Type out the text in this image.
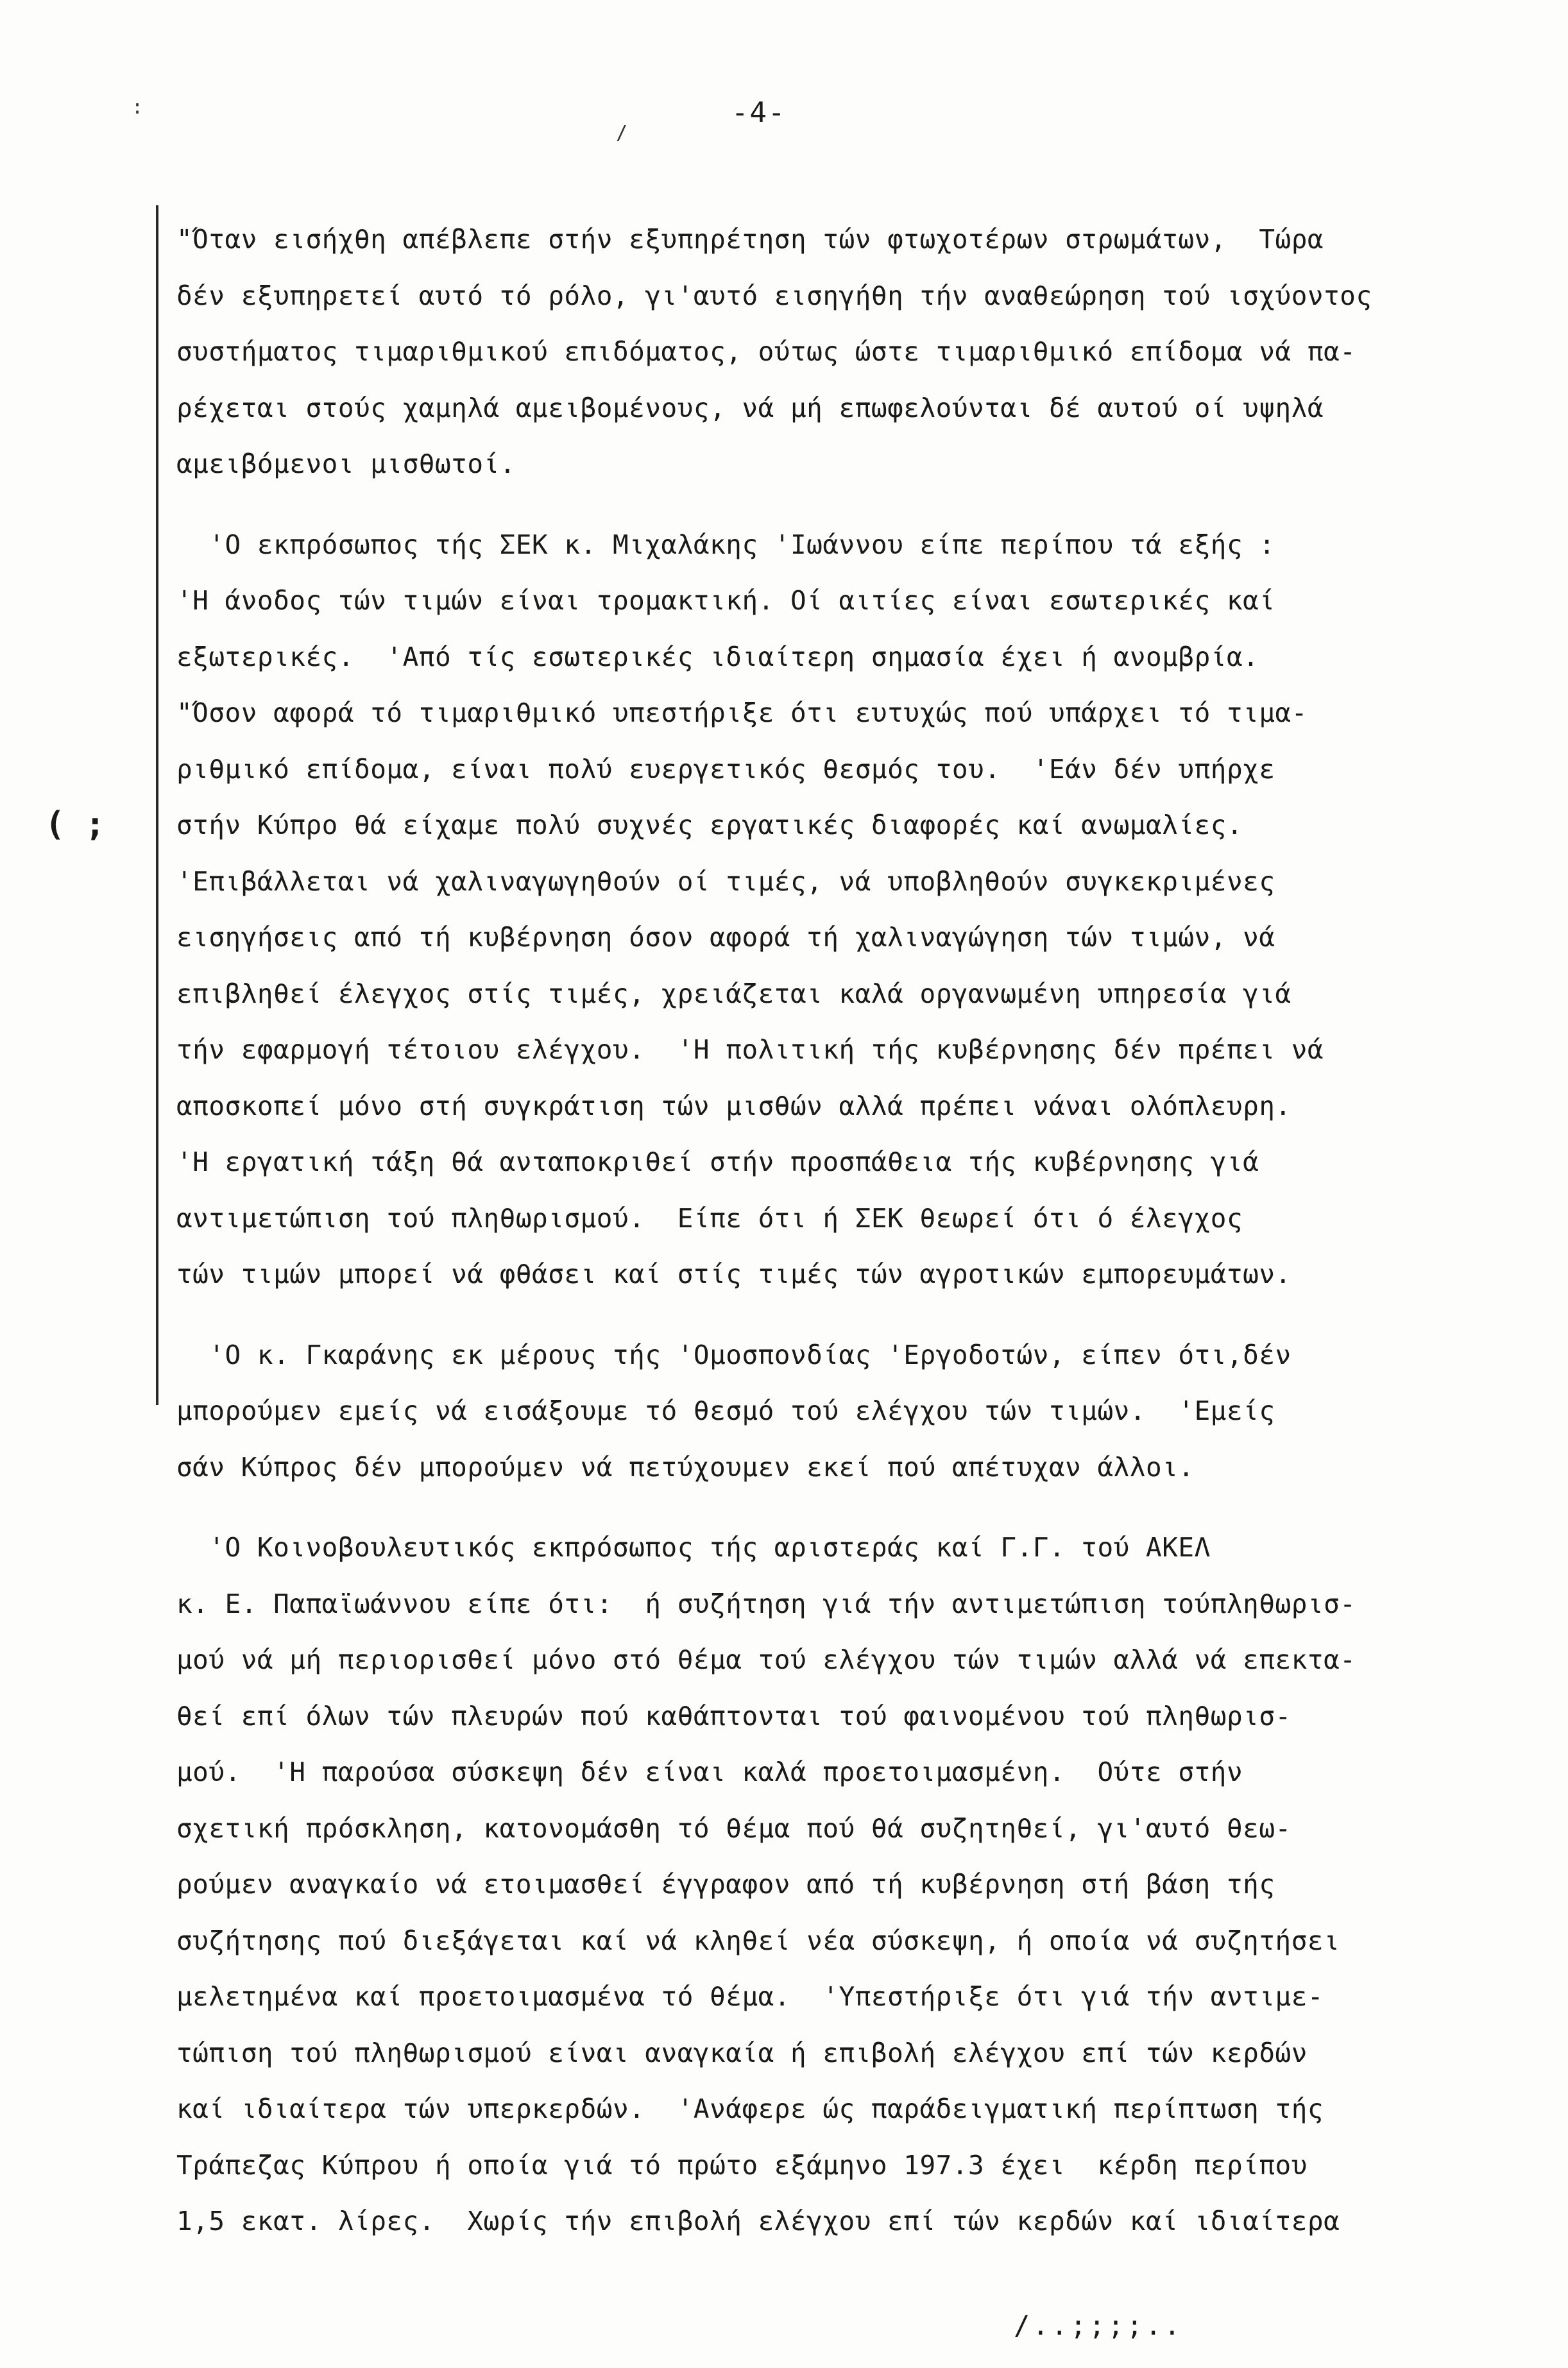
-4-
( ;
:
/

"Όταν εισήχθη απέβλεπε στήν εξυπηρέτηση τών φτωχοτέρων στρωμάτων,  Τώρα

δέν εξυπηρετεί αυτό τό ρόλο, γι'αυτό εισηγήθη τήν αναθεώρηση τού ισχύοντος

συστήματος τιμαριθμικού επιδόματος, ούτως ώστε τιμαριθμικό επίδομα νά πα-

ρέχεται στούς χαμηλά αμειβομένους, νά μή επωφελούνται δέ αυτού οί υψηλά

αμειβόμενοι μισθωτοί.

'Ο εκπρόσωπος τής ΣΕΚ κ. Μιχαλάκης 'Ιωάννου είπε περίπου τά εξής :

'Η άνοδος τών τιμών είναι τρομακτική. Οί αιτίες είναι εσωτερικές καί

εξωτερικές.  'Από τίς εσωτερικές ιδιαίτερη σημασία έχει ή ανομβρία.

"Όσον αφορά τό τιμαριθμικό υπεστήριξε ότι ευτυχώς πού υπάρχει τό τιμα-

ριθμικό επίδομα, είναι πολύ ευεργετικός θεσμός του.  'Εάν δέν υπήρχε

στήν Κύπρο θά είχαμε πολύ συχνές εργατικές διαφορές καί ανωμαλίες.

'Επιβάλλεται νά χαλιναγωγηθούν οί τιμές, νά υποβληθούν συγκεκριμένες

εισηγήσεις από τή κυβέρνηση όσον αφορά τή χαλιναγώγηση τών τιμών, νά

επιβληθεί έλεγχος στίς τιμές, χρειάζεται καλά οργανωμένη υπηρεσία γιά

τήν εφαρμογή τέτοιου ελέγχου.  'Η πολιτική τής κυβέρνησης δέν πρέπει νά

αποσκοπεί μόνο στή συγκράτιση τών μισθών αλλά πρέπει νάναι ολόπλευρη.

'Η εργατική τάξη θά ανταποκριθεί στήν προσπάθεια τής κυβέρνησης γιά

αντιμετώπιση τού πληθωρισμού.  Είπε ότι ή ΣΕΚ θεωρεί ότι ό έλεγχος

τών τιμών μπορεί νά φθάσει καί στίς τιμές τών αγροτικών εμπορευμάτων.

'Ο κ. Γκαράνης εκ μέρους τής 'Ομοσπονδίας 'Εργοδοτών, είπεν ότι,δέν

μπορούμεν εμείς νά εισάξουμε τό θεσμό τού ελέγχου τών τιμών.  'Εμείς

σάν Κύπρος δέν μπορούμεν νά πετύχουμεν εκεί πού απέτυχαν άλλοι.

'Ο Κοινοβουλευτικός εκπρόσωπος τής αριστεράς καί Γ.Γ. τού ΑΚΕΛ

κ. Ε. Παπαϊωάννου είπε ότι:  ή συζήτηση γιά τήν αντιμετώπιση τούπληθωρισ-

μού νά μή περιορισθεί μόνο στό θέμα τού ελέγχου τών τιμών αλλά νά επεκτα-

θεί επί όλων τών πλευρών πού καθάπτονται τού φαινομένου τού πληθωρισ-

μού.  'Η παρούσα σύσκεψη δέν είναι καλά προετοιμασμένη.  Ούτε στήν

σχετική πρόσκληση, κατονομάσθη τό θέμα πού θά συζητηθεί, γι'αυτό θεω-

ρούμεν αναγκαίο νά ετοιμασθεί έγγραφον από τή κυβέρνηση στή βάση τής

συζήτησης πού διεξάγεται καί νά κληθεί νέα σύσκεψη, ή οποία νά συζητήσει

μελετημένα καί προετοιμασμένα τό θέμα.  'Υπεστήριξε ότι γιά τήν αντιμε-

τώπιση τού πληθωρισμού είναι αναγκαία ή επιβολή ελέγχου επί τών κερδών

καί ιδιαίτερα τών υπερκερδών.  'Ανάφερε ώς παράδειγματική περίπτωση τής

Τράπεζας Κύπρου ή οποία γιά τό πρώτο εξάμηνο 197.3 έχει  κέρδη περίπου

1,5 εκατ. λίρες.  Χωρίς τήν επιβολή ελέγχου επί τών κερδών καί ιδιαίτερα

/..;;;;..
